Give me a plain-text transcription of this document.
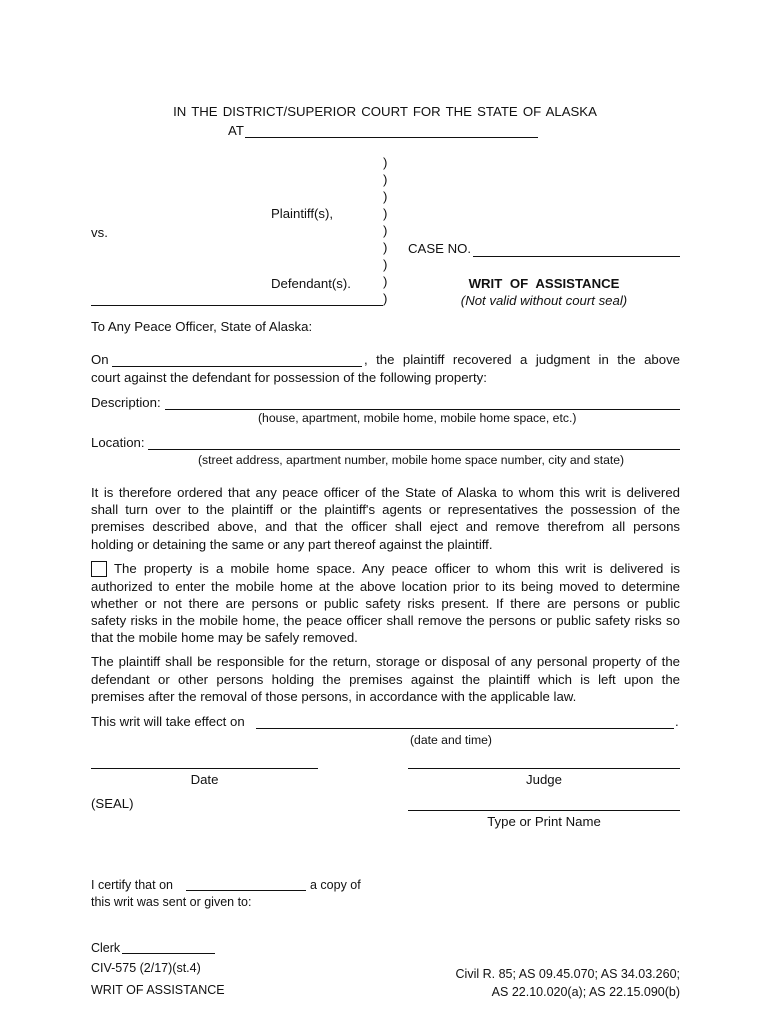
IN THE DISTRICT/SUPERIOR COURT FOR THE STATE OF ALASKA
AT
)
)
)
)
)
)
)
)
)
Plaintiff(s),
vs.
CASE NO.
Defendant(s).	WRIT OF ASSISTANCE
(Not valid without court seal)
To Any Peace Officer, State of Alaska:
On	, the plaintiff recovered a judgment in the above
court against the defendant for possession of the following property:
Description:
(house, apartment, mobile home, mobile home space, etc.)
Location:
(street address, apartment number, mobile home space number, city and state)
It is therefore ordered that any peace officer of the State of Alaska to whom this writ is delivered
shall turn over to the plaintiff or the plaintiff's agents or representatives the possession of the
premises described above, and that the officer shall eject and remove therefrom all persons
holding or detaining the same or any part thereof against the plaintiff.
The property is a mobile home space. Any peace officer to whom this writ is delivered is
authorized to enter the mobile home at the above location prior to its being moved to determine
whether or not there are persons or public safety risks present. If there are persons or public
safety risks in the mobile home, the peace officer shall remove the persons or public safety risks so
that the mobile home may be safely removed.
The plaintiff shall be responsible for the return, storage or disposal of any personal property of the
defendant or other persons holding the premises against the plaintiff which is left upon the
premises after the removal of those persons, in accordance with the applicable law.
This writ will take effect on	.
(date and time)
Date	Judge
(SEAL)
Type or Print Name
I certify that on	a copy of
this writ was sent or given to:
Clerk
CIV-575 (2/17)(st.4)
WRIT OF ASSISTANCE
Civil R. 85; AS 09.45.070; AS 34.03.260;
AS 22.10.020(a); AS 22.15.090(b)
